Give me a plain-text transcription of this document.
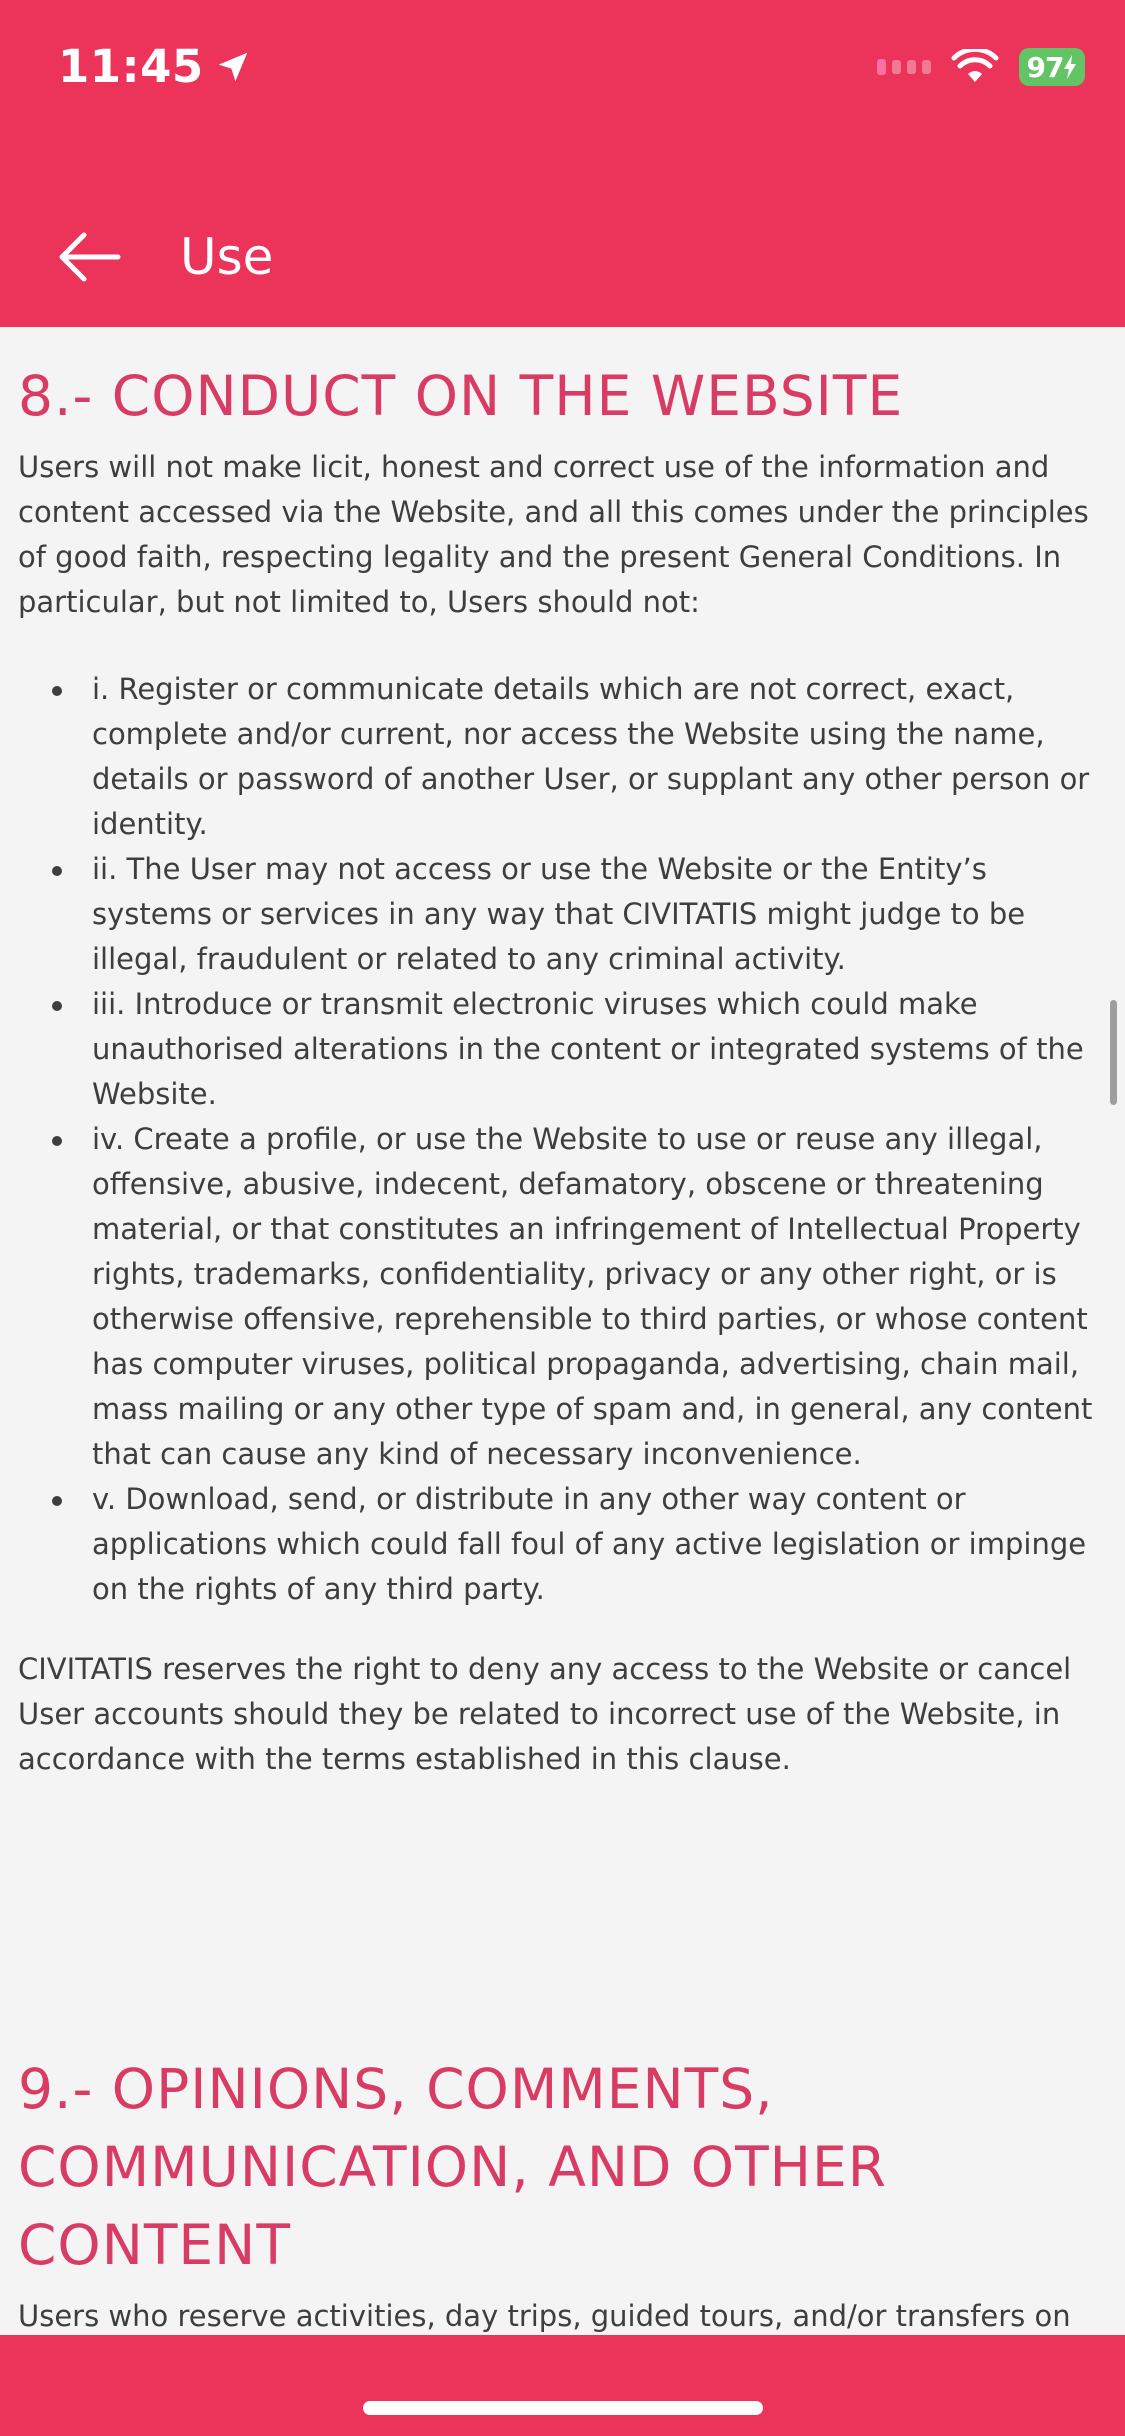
11:45	97
Use
8.- CONDUCT ON THE WEBSITE

Users will not make licit, honest and correct use of the information and content accessed via the Website, and all this comes under the principles of good faith, respecting legality and the present General Conditions. In particular, but not limited to, Users should not:

i. Register or communicate details which are not correct, exact, complete and/or current, nor access the Website using the name, details or password of another User, or supplant any other person or identity.
ii. The User may not access or use the Website or the Entity’s systems or services in any way that CIVITATIS might judge to be illegal, fraudulent or related to any criminal activity.
iii. Introduce or transmit electronic viruses which could make unauthorised alterations in the content or integrated systems of the Website.
iv. Create a profile, or use the Website to use or reuse any illegal, offensive, abusive, indecent, defamatory, obscene or threatening material, or that constitutes an infringement of Intellectual Property rights, trademarks, confidentiality, privacy or any other right, or is otherwise offensive, reprehensible to third parties, or whose content has computer viruses, political propaganda, advertising, chain mail, mass mailing or any other type of spam and, in general, any content that can cause any kind of necessary inconvenience.
v. Download, send, or distribute in any other way content or applications which could fall foul of any active legislation or impinge on the rights of any third party.

CIVITATIS reserves the right to deny any access to the Website or cancel User accounts should they be related to incorrect use of the Website, in accordance with the terms established in this clause.

9.- OPINIONS, COMMENTS, COMMUNICATION, AND OTHER CONTENT

Users who reserve activities, day trips, guided tours, and/or transfers on
